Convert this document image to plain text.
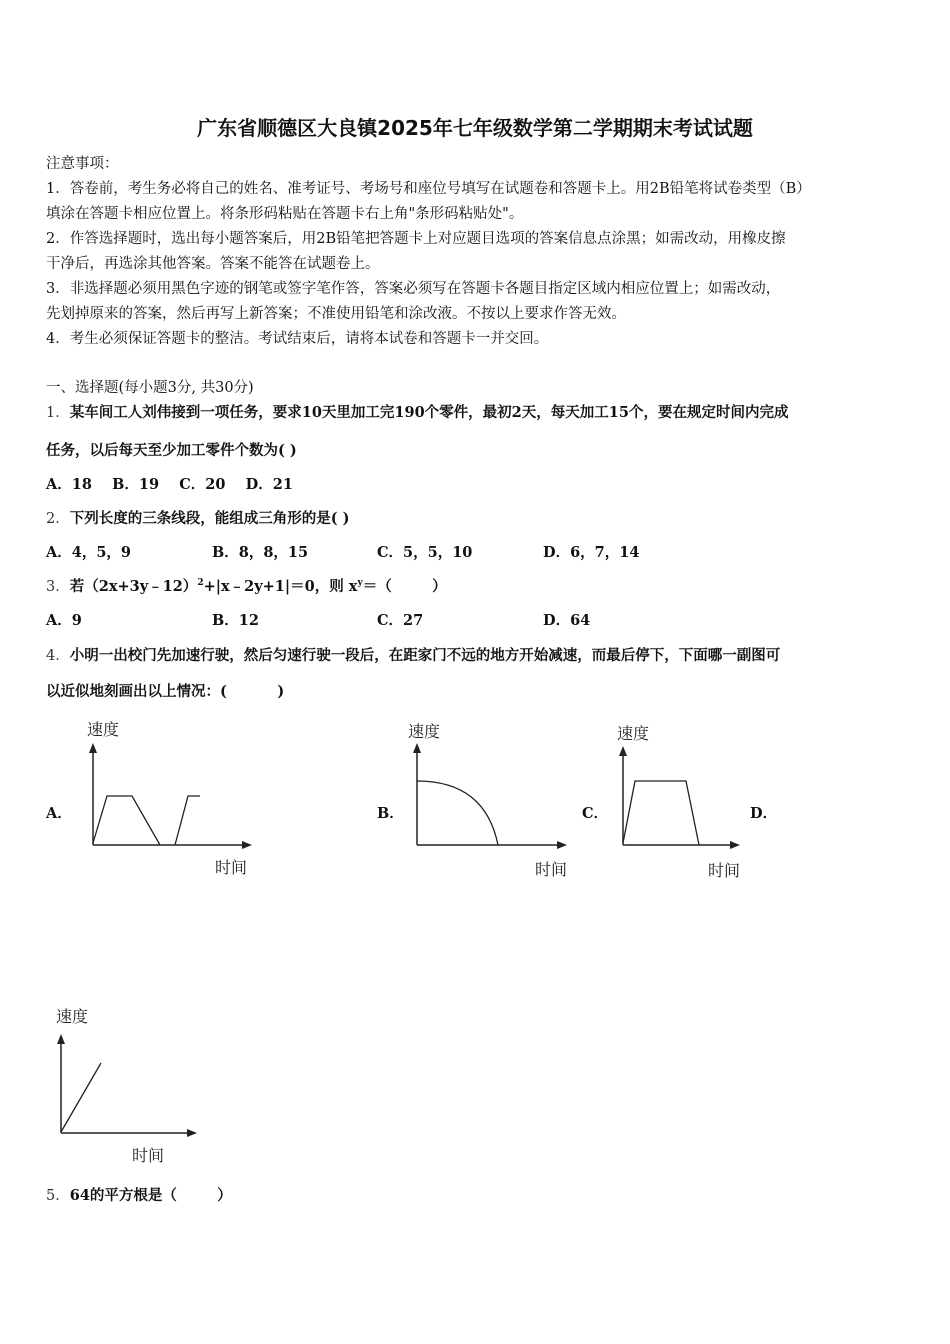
广东省顺德区大良镇2025年七年级数学第二学期期末考试试题
注意事项：
1．答卷前，考生务必将自己的姓名、准考证号、考场号和座位号填写在试题卷和答题卡上。用2B铅笔将试卷类型（B）
填涂在答题卡相应位置上。将条形码粘贴在答题卡右上角"条形码粘贴处"。
2．作答选择题时，选出每小题答案后，用2B铅笔把答题卡上对应题目选项的答案信息点涂黑；如需改动，用橡皮擦
干净后，再选涂其他答案。答案不能答在试题卷上。
3．非选择题必须用黑色字迹的钢笔或签字笔作答，答案必须写在答题卡各题目指定区域内相应位置上；如需改动，
先划掉原来的答案，然后再写上新答案；不准使用铅笔和涂改液。不按以上要求作答无效。
4．考生必须保证答题卡的整洁。考试结束后，请将本试卷和答题卡一并交回。
一、选择题(每小题3分, 共30分)
1．某车间工人刘伟接到一项任务，要求10天里加工完190个零件，最初2天，每天加工15个，要在规定时间内完成
任务，以后每天至少加工零件个数为( )
A．18    B．19    C．20    D．21
2．下列长度的三条线段，能组成三角形的是( )
A．4，5，9	B．8，8，15	C．5，5，10	D．6，7，14
3．若（2x+3y﹣12）$^2$+|x﹣2y+1|＝0，则 $x^y=$（        ）
A．9	B．12	C．27	D．64
4．小明一出校门先加速行驶，然后匀速行驶一段后，在距家门不远的地方开始减速，而最后停下，下面哪一副图可
以近似地刻画出以上情况：(          )
A．	B．	C．	D．
速度
时间
速度
时间
速度
时间
速度
时间
5．64的平方根是（        ）
